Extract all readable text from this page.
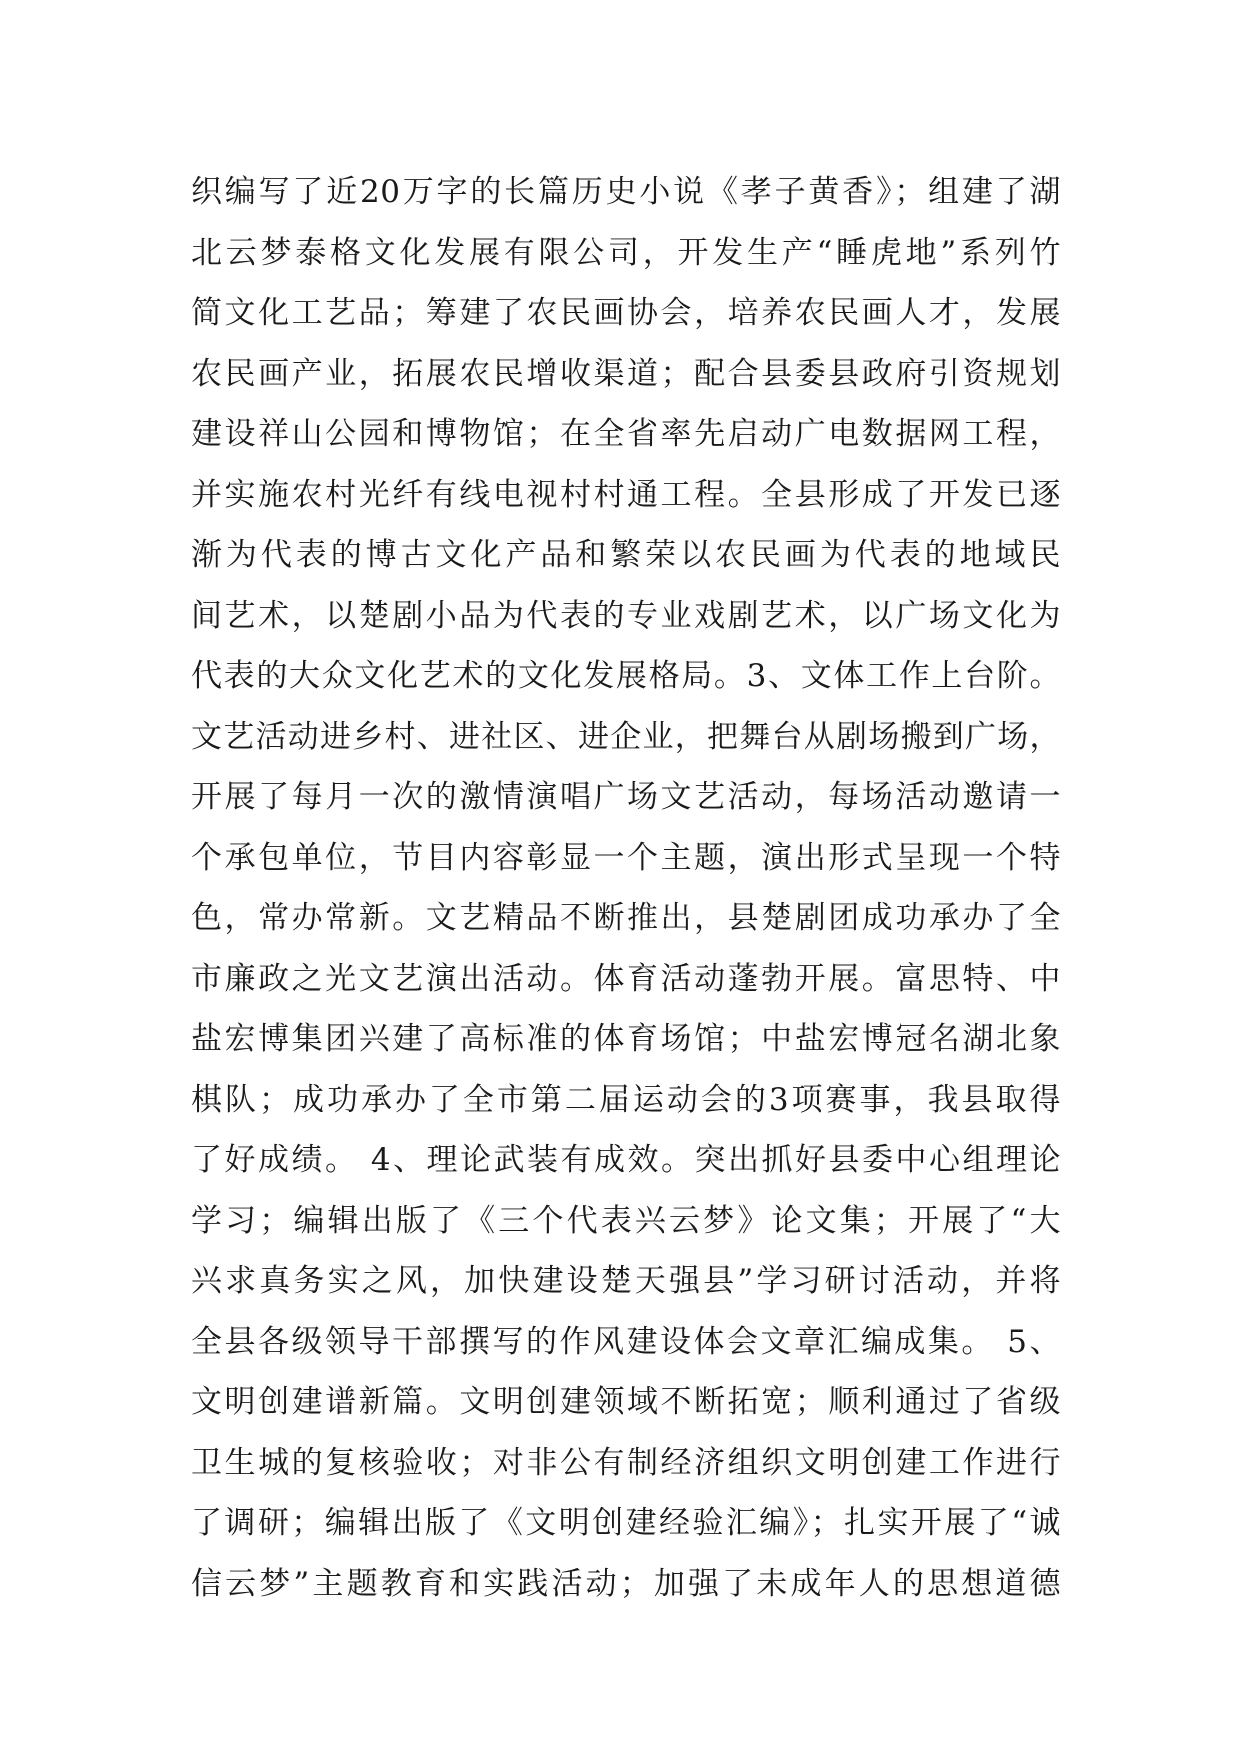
织编写了近20万字的长篇历史小说《孝子黄香》；组建了湖
北云梦泰格文化发展有限公司，开发生产“睡虎地”系列竹
简文化工艺品；筹建了农民画协会，培养农民画人才，发展
农民画产业，拓展农民增收渠道；配合县委县政府引资规划
建设祥山公园和博物馆；在全省率先启动广电数据网工程，
并实施农村光纤有线电视村村通工程。全县形成了开发已逐
渐为代表的博古文化产品和繁荣以农民画为代表的地域民
间艺术，以楚剧小品为代表的专业戏剧艺术，以广场文化为
代表的大众文化艺术的文化发展格局。3、文体工作上台阶。
文艺活动进乡村、进社区、进企业，把舞台从剧场搬到广场，
开展了每月一次的激情演唱广场文艺活动，每场活动邀请一
个承包单位，节目内容彰显一个主题，演出形式呈现一个特
色，常办常新。文艺精品不断推出，县楚剧团成功承办了全
市廉政之光文艺演出活动。体育活动蓬勃开展。富思特、中
盐宏博集团兴建了高标准的体育场馆；中盐宏博冠名湖北象
棋队；成功承办了全市第二届运动会的3项赛事，我县取得
了好成绩。 4、理论武装有成效。突出抓好县委中心组理论
学习；编辑出版了《三个代表兴云梦》论文集；开展了“大
兴求真务实之风，加快建设楚天强县”学习研讨活动，并将
全县各级领导干部撰写的作风建设体会文章汇编成集。 5、
文明创建谱新篇。文明创建领域不断拓宽；顺利通过了省级
卫生城的复核验收；对非公有制经济组织文明创建工作进行
了调研；编辑出版了《文明创建经验汇编》；扎实开展了“诚
信云梦”主题教育和实践活动；加强了未成年人的思想道德
